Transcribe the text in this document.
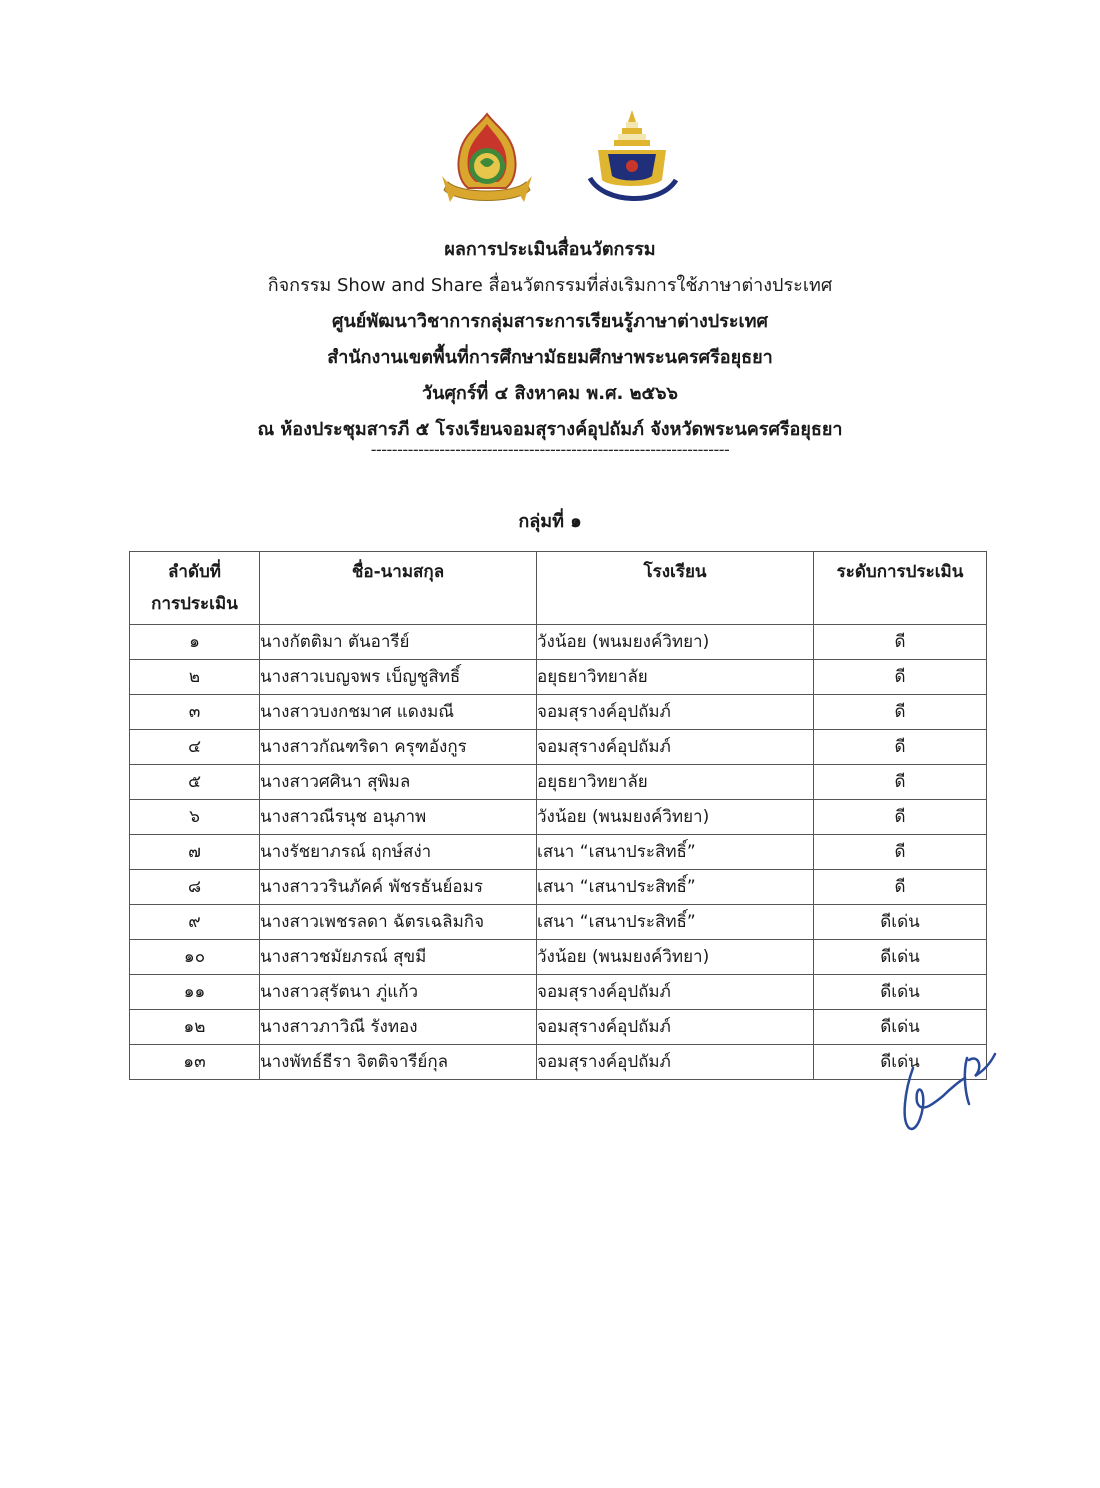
ผลการประเมินสื่อนวัตกรรม
กิจกรรม Show and Share สื่อนวัตกรรมที่ส่งเริมการใช้ภาษาต่างประเทศ
ศูนย์พัฒนาวิชาการกลุ่มสาระการเรียนรู้ภาษาต่างประเทศ
สำนักงานเขตพื้นที่การศึกษามัธยมศึกษาพระนครศรีอยุธยา
วันศุกร์ที่ ๔ สิงหาคม พ.ศ. ๒๕๖๖
ณ ห้องประชุมสารภี ๕ โรงเรียนจอมสุรางค์อุปถัมภ์ จังหวัดพระนครศรีอยุธยา
--------------------------------------------------------------------
กลุ่มที่ ๑
ลำดับที่
การประเมิน	ชื่อ-นามสกุล	โรงเรียน	ระดับการประเมิน
๑	นางกัตติมา ตันอารีย์	วังน้อย (พนมยงค์วิทยา)	ดี
๒	นางสาวเบญจพร เบ็ญชูสิทธิ์	อยุธยาวิทยาลัย	ดี
๓	นางสาวบงกชมาศ แดงมณี	จอมสุรางค์อุปถัมภ์	ดี
๔	นางสาวกัณฑริดา ครุฑอังกูร	จอมสุรางค์อุปถัมภ์	ดี
๕	นางสาวศศินา สุพิมล	อยุธยาวิทยาลัย	ดี
๖	นางสาวณีรนุช อนุภาพ	วังน้อย (พนมยงค์วิทยา)	ดี
๗	นางรัชยาภรณ์ ฤกษ์สง่า	เสนา “เสนาประสิทธิ์”	ดี
๘	นางสาววรินภัคค์ พัชรธันย์อมร	เสนา “เสนาประสิทธิ์”	ดี
๙	นางสาวเพชรลดา ฉัตรเฉลิมกิจ	เสนา “เสนาประสิทธิ์”	ดีเด่น
๑๐	นางสาวชมัยภรณ์ สุขมี	วังน้อย (พนมยงค์วิทยา)	ดีเด่น
๑๑	นางสาวสุรัตนา ภู่แก้ว	จอมสุรางค์อุปถัมภ์	ดีเด่น
๑๒	นางสาวภาวิณี รังทอง	จอมสุรางค์อุปถัมภ์	ดีเด่น
๑๓	นางพัทธ์ธีรา จิตติจารีย์กุล	จอมสุรางค์อุปถัมภ์	ดีเด่น
